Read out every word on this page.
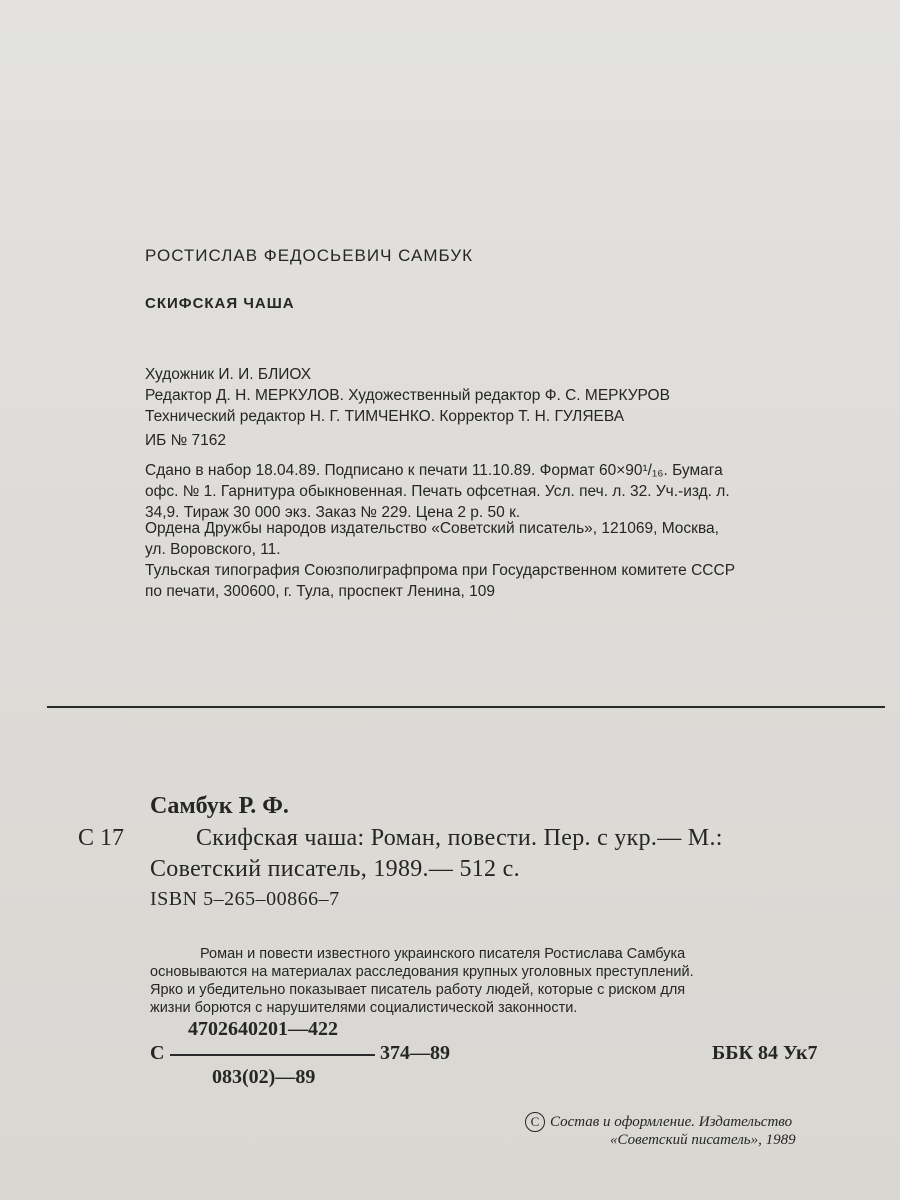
РОСТИСЛАВ ФЕДОСЬЕВИЧ САМБУК
СКИФСКАЯ ЧАША
Художник И. И. БЛИОХ
Редактор Д. Н. МЕРКУЛОВ. Художественный редактор Ф. С. МЕРКУРОВ
Технический редактор Н. Г. ТИМЧЕНКО. Корректор Т. Н. ГУЛЯЕВА
ИБ № 7162
Сдано в набор 18.04.89. Подписано к печати 11.10.89. Формат 60×90¹/₁₆. Бумага
офс. № 1. Гарнитура обыкновенная. Печать офсетная. Усл. печ. л. 32. Уч.-изд. л.
34,9. Тираж 30 000 экз. Заказ № 229. Цена 2 р. 50 к.
Ордена Дружбы народов издательство «Советский писатель», 121069, Москва,
ул. Воровского, 11.
Тульская типография Союзполиграфпрома при Государственном комитете СССР
по печати, 300600, г. Тула, проспект Ленина, 109
Самбук Р. Ф.
С 17	Скифская чаша: Роман, повести. Пер. с укр.— М.:
Советский писатель, 1989.— 512 с.
ISBN 5–265–00866–7
Роман и повести известного украинского писателя Ростислава Самбука
основываются на материалах расследования крупных уголовных преступлений.
Ярко и убедительно показывает писатель работу людей, которые с риском для
жизни борются с нарушителями социалистической законности.
4702640201—422
С	374—89
083(02)—89
ББК 84 Ук7
С Состав и оформление. Издательство
«Советский писатель», 1989
